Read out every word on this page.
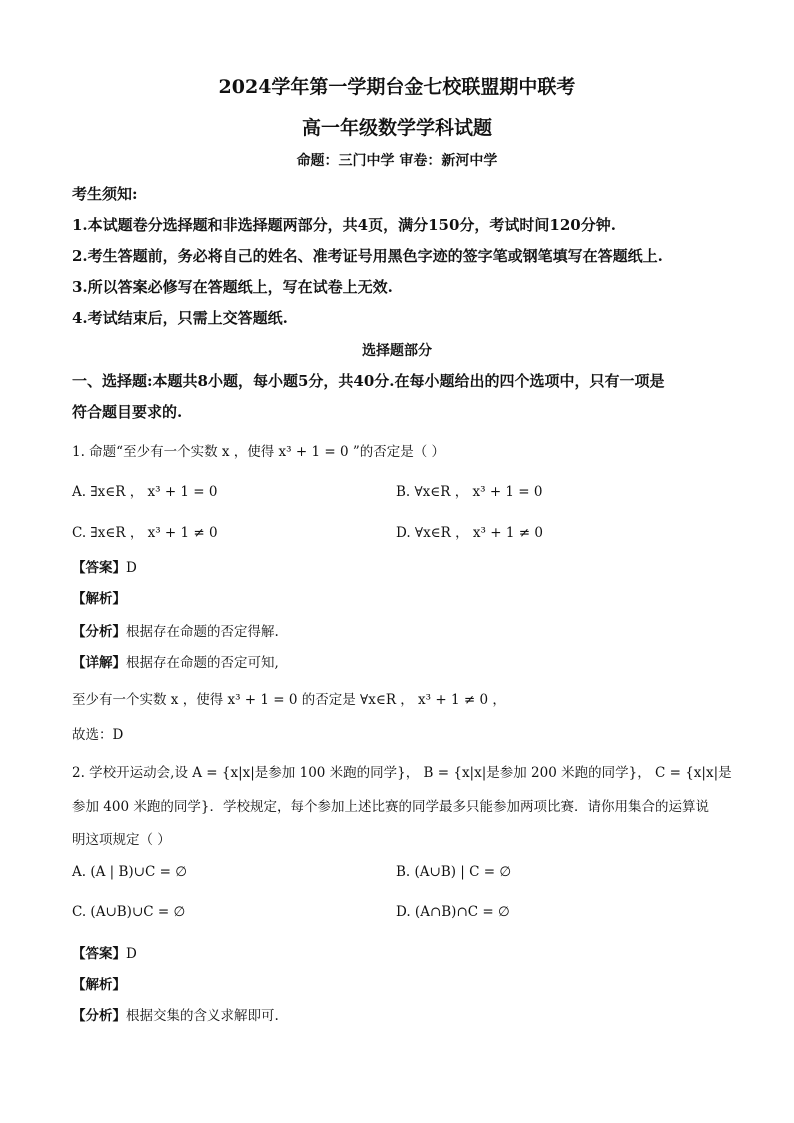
2024学年第一学期台金七校联盟期中联考
高一年级数学学科试题
命题：三门中学 审卷：新河中学
考生须知:
1.本试题卷分选择题和非选择题两部分，共4页，满分150分，考试时间120分钟.
2.考生答题前，务必将自己的姓名、准考证号用黑色字迹的签字笔或钢笔填写在答题纸上.
3.所以答案必修写在答题纸上，写在试卷上无效.
4.考试结束后，只需上交答题纸.
选择题部分
一、选择题:本题共8小题，每小题5分，共40分.在每小题给出的四个选项中，只有一项是
符合题目要求的.
1. 命题“至少有一个实数 x ，使得 x³ + 1 = 0 ”的否定是（ ）
A. ∃x∈R ， x³ + 1 = 0	B. ∀x∈R ， x³ + 1 = 0
C. ∃x∈R ， x³ + 1 ≠ 0	D. ∀x∈R ， x³ + 1 ≠ 0
【答案】D
【解析】
【分析】根据存在命题的否定得解.
【详解】根据存在命题的否定可知,
至少有一个实数 x ，使得 x³ + 1 = 0 的否定是 ∀x∈R ， x³ + 1 ≠ 0 ，
故选：D
2. 学校开运动会,设 A = {x|x|是参加 100 米跑的同学}， B = {x|x|是参加 200 米跑的同学}， C = {x|x|是
参加 400 米跑的同学}．学校规定，每个参加上述比赛的同学最多只能参加两项比赛．请你用集合的运算说
明这项规定（ ）
A. (A | B)∪C = ∅	B. (A∪B) | C = ∅
C. (A∪B)∪C = ∅	D. (A∩B)∩C = ∅
【答案】D
【解析】
【分析】根据交集的含义求解即可.
